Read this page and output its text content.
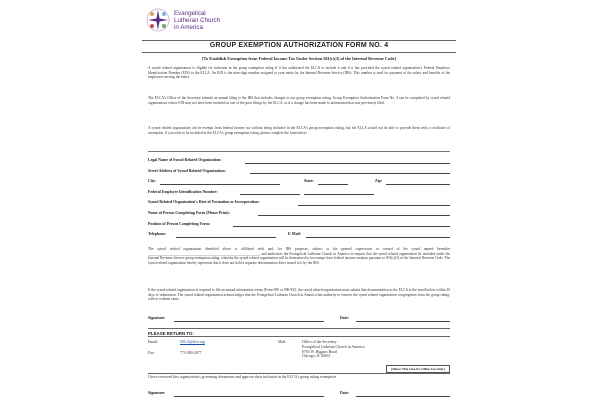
Evangelical
Lutheran Church
in America
GROUP EXEMPTION AUTHORIZATION FORM NO. 4
[To Establish Exemption from Federal Income Tax Under Section 501(c)(3) of the Internal Revenue Code]
A synod related organization is eligible for inclusion in the group exemption ruling if it has authorized the ELCA to include it and if it has provided the synod related organization's Federal Employer Identification Number (EIN) to the ELCA. An EIN is the nine-digit number assigned to your entity by the Internal Revenue Service (IRS). This number is used for payment of the salary and benefits of the employees serving the entity.
The ELCA's Office of the Secretary submits an annual filing to the IRS that includes changes to our group exemption ruling. Group Exemption Authorization Form No. 4 can be completed by synod related organizations whose EIN may not have been included in one of the prior filings by the ELCA, or if a change has been made to information that was previously filed.
A synod related organization can be exempt from federal income tax without being included in the ELCA's group exemption ruling, but the ELCA would not be able to provide them with a certificate of exemption. If you wish to be included in the ELCA's group exemption ruling, please complete the form below.
Legal Name of Synod Related Organization:
Street Address of Synod Related Organization:
City:	State:	Zip:
Federal Employer Identification Number:
Synod Related Organization's Date of Formation or Incorporation:
Name of Person Completing Form (Please Print):
Position of Person Completing Form:
Telephone:	E-Mail:
The synod related organization identified above is affiliated with and, for IRS purposes, subject to the general supervision or control of the synod named hereafter ______________________________________________________________, and authorizes the Evangelical Lutheran Church in America to request that the synod related organization be included under the Internal Revenue Service group exemption ruling, whereby the synod related organization will be determined to be exempt from federal income taxation pursuant to 501(c)(3) of the Internal Revenue Code. The synod related organization hereby represents that it does not hold a separate determination letter issued to it by the IRS.
If the synod related organization is required to file an annual information return (Form 990 or 990-EZ), the synod related organization must submit that documentation to the ELCA at the email below within 30 days of submission. The synod related organization acknowledges that the Evangelical Lutheran Church in America has authority to remove the synod related organization congregation from the group ruling, with or without cause.
Signature:	Date:
PLEASE RETURN TO:
Email:	501c3@elca.org
Fax:	773-380-2677
Mail:	Office of the Secretary
Evangelical Lutheran Church in America
8765 W. Higgins Road
Chicago, IL 60631
[Below This Line for Office Use Only]
I have reviewed this organization's governing documents and approve their inclusion in the ELCA's group ruling exemption.
Signature:	Date:
